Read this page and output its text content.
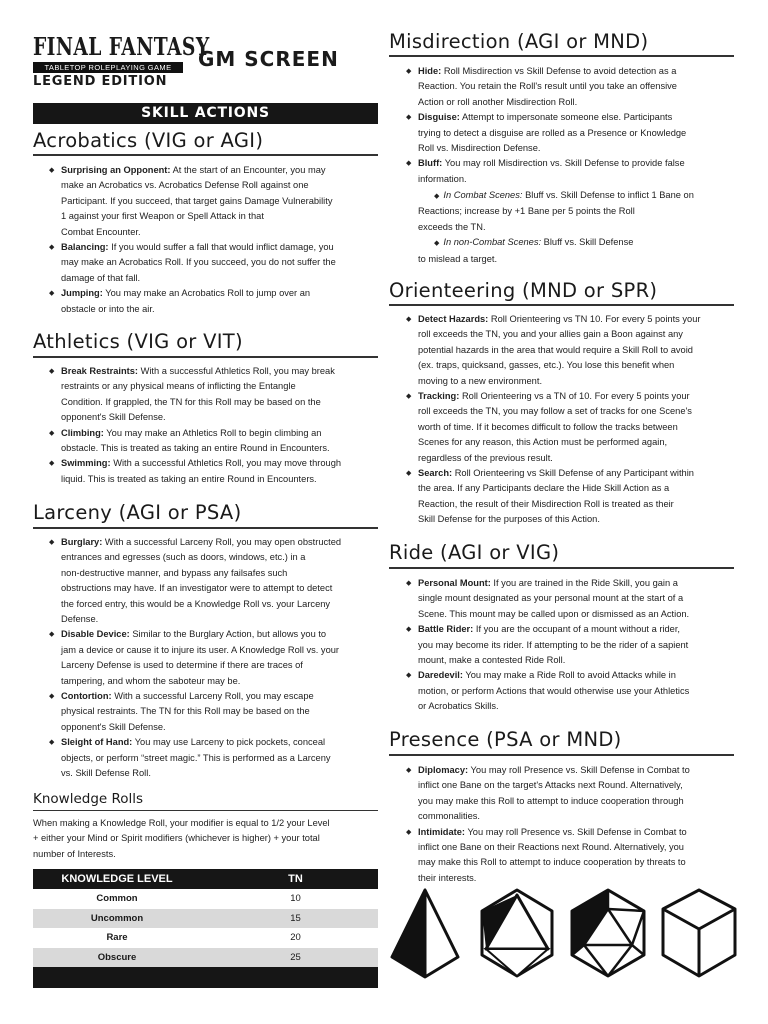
FINAL FANTASY
TABLETOP ROLEPLAYING GAME
LEGEND EDITION
GM SCREEN
SKILL ACTIONS
Acrobatics (VIG or AGI)
◆ Surprising an Opponent: At the start of an Encounter, you may
make an Acrobatics vs. Acrobatics Defense Roll against one
Participant. If you succeed, that target gains Damage Vulnerability
1 against your first Weapon or Spell Attack in that
Combat Encounter.
◆ Balancing: If you would suffer a fall that would inflict damage, you
may make an Acrobatics Roll. If you succeed, you do not suffer the
damage of that fall.
◆ Jumping: You may make an Acrobatics Roll to jump over an
obstacle or into the air.
Athletics (VIG or VIT)
◆ Break Restraints: With a successful Athletics Roll, you may break
restraints or any physical means of inflicting the Entangle
Condition. If grappled, the TN for this Roll may be based on the
opponent's Skill Defense.
◆ Climbing: You may make an Athletics Roll to begin climbing an
obstacle. This is treated as taking an entire Round in Encounters.
◆ Swimming: With a successful Athletics Roll, you may move through
liquid. This is treated as taking an entire Round in Encounters.
Larceny (AGI or PSA)
◆ Burglary: With a successful Larceny Roll, you may open obstructed
entrances and egresses (such as doors, windows, etc.) in a
non-destructive manner, and bypass any failsafes such
obstructions may have. If an investigator were to attempt to detect
the forced entry, this would be a Knowledge Roll vs. your Larceny
Defense.
◆ Disable Device: Similar to the Burglary Action, but allows you to
jam a device or cause it to injure its user. A Knowledge Roll vs. your
Larceny Defense is used to determine if there are traces of
tampering, and whom the saboteur may be.
◆ Contortion: With a successful Larceny Roll, you may escape
physical restraints. The TN for this Roll may be based on the
opponent's Skill Defense.
◆ Sleight of Hand: You may use Larceny to pick pockets, conceal
objects, or perform “street magic.” This is performed as a Larceny
vs. Skill Defense Roll.
Knowledge Rolls
When making a Knowledge Roll, your modifier is equal to 1/2 your Level
+ either your Mind or Spirit modifiers (whichever is higher) + your total
number of Interests.
KNOWLEDGE LEVEL	TN
Common	10
Uncommon	15
Rare	20
Obscure	25
Misdirection (AGI or MND)
◆ Hide: Roll Misdirection vs Skill Defense to avoid detection as a
Reaction. You retain the Roll's result until you take an offensive
Action or roll another Misdirection Roll.
◆ Disguise: Attempt to impersonate someone else. Participants
trying to detect a disguise are rolled as a Presence or Knowledge
Roll vs. Misdirection Defense.
◆ Bluff: You may roll Misdirection vs. Skill Defense to provide false
information.
◆ In Combat Scenes: Bluff vs. Skill Defense to inflict 1 Bane on
Reactions; increase by +1 Bane per 5 points the Roll
exceeds the TN.
◆ In non-Combat Scenes: Bluff vs. Skill Defense
to mislead a target.
Orienteering (MND or SPR)
◆ Detect Hazards: Roll Orienteering vs TN 10. For every 5 points your
roll exceeds the TN, you and your allies gain a Boon against any
potential hazards in the area that would require a Skill Roll to avoid
(ex. traps, quicksand, gasses, etc.). You lose this benefit when
moving to a new environment.
◆ Tracking: Roll Orienteering vs a TN of 10. For every 5 points your
roll exceeds the TN, you may follow a set of tracks for one Scene's
worth of time. If it becomes difficult to follow the tracks between
Scenes for any reason, this Action must be performed again,
regardless of the previous result.
◆ Search: Roll Orienteering vs Skill Defense of any Participant within
the area. If any Participants declare the Hide Skill Action as a
Reaction, the result of their Misdirection Roll is treated as their
Skill Defense for the purposes of this Action.
Ride (AGI or VIG)
◆ Personal Mount: If you are trained in the Ride Skill, you gain a
single mount designated as your personal mount at the start of a
Scene. This mount may be called upon or dismissed as an Action.
◆ Battle Rider: If you are the occupant of a mount without a rider,
you may become its rider. If attempting to be the rider of a sapient
mount, make a contested Ride Roll.
◆ Daredevil: You may make a Ride Roll to avoid Attacks while in
motion, or perform Actions that would otherwise use your Athletics
or Acrobatics Skills.
Presence (PSA or MND)
◆ Diplomacy: You may roll Presence vs. Skill Defense in Combat to
inflict one Bane on the target's Attacks next Round. Alternatively,
you may make this Roll to attempt to induce cooperation through
commonalities.
◆ Intimidate: You may roll Presence vs. Skill Defense in Combat to
inflict one Bane on their Reactions next Round. Alternatively, you
may make this Roll to attempt to induce cooperation by threats to
their interests.
